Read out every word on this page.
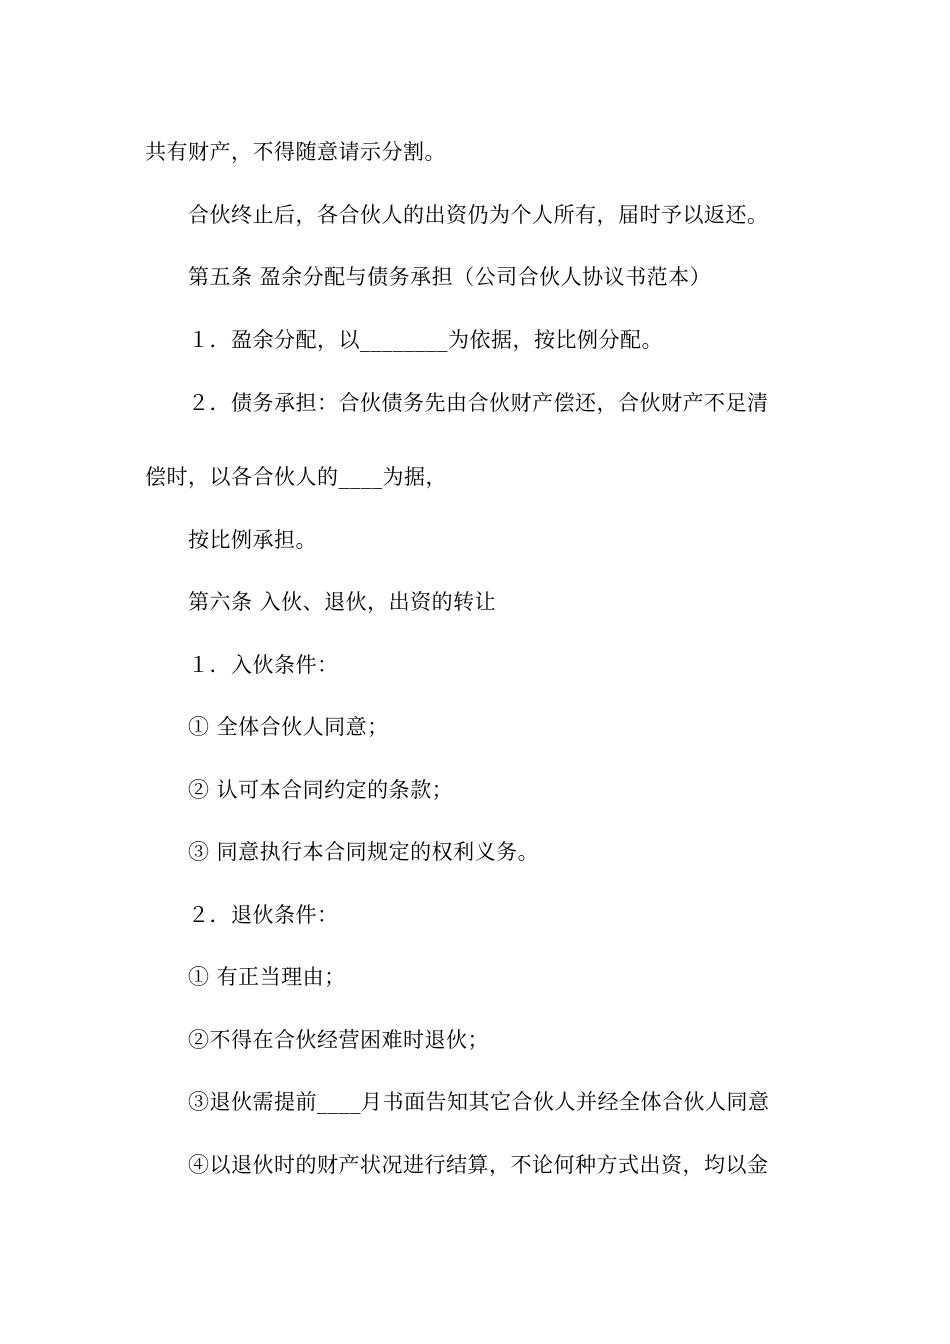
共有财产，不得随意请示分割。
合伙终止后，各合伙人的出资仍为个人所有，届时予以返还。
第五条 盈余分配与债务承担（公司合伙人协议书范本）
１．盈余分配，以________为依据，按比例分配。
２．债务承担：合伙债务先由合伙财产偿还，合伙财产不足清
偿时，以各合伙人的____为据，
按比例承担。
第六条 入伙、退伙，出资的转让
１．入伙条件：
① 全体合伙人同意；
② 认可本合同约定的条款；
③ 同意执行本合同规定的权利义务。
２．退伙条件：
① 有正当理由；
②不得在合伙经营困难时退伙；
③退伙需提前____月书面告知其它合伙人并经全体合伙人同意
④以退伙时的财产状况进行结算，不论何种方式出资，均以金
